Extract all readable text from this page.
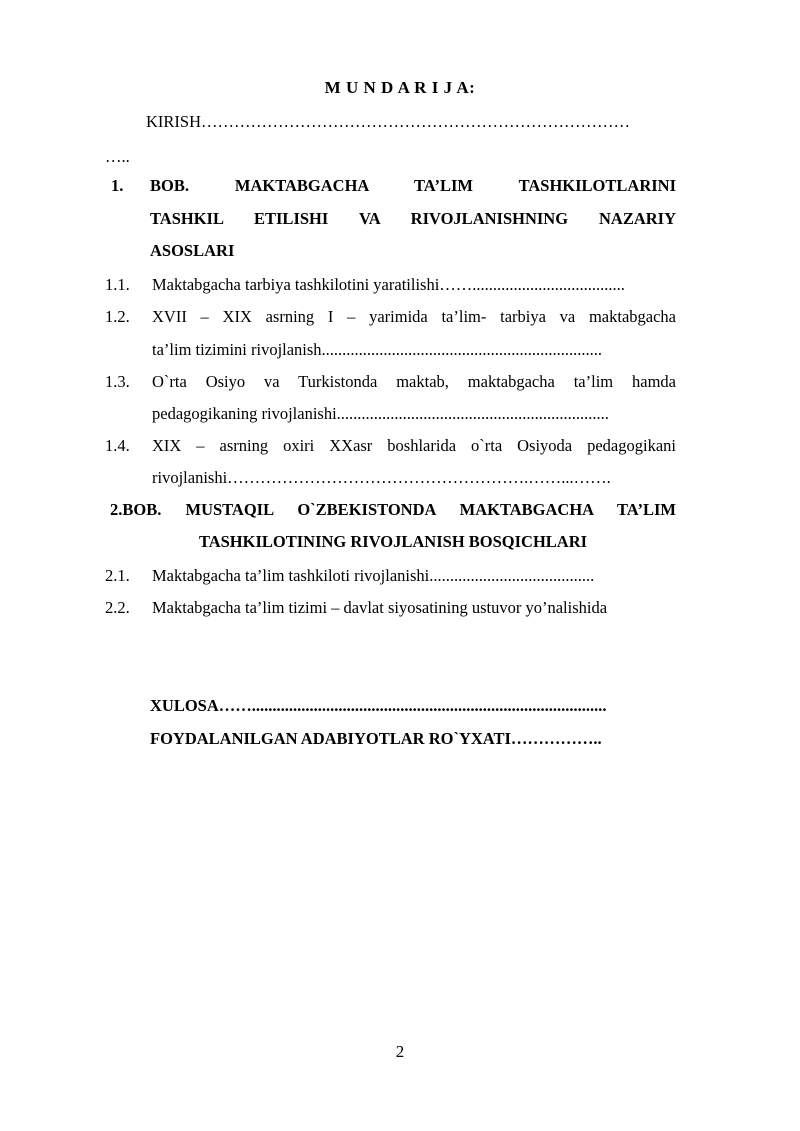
M U N D A R I J A:
KIRISH……………………………………………………………………
…..
1. BOB. MAKTABGACHA TA’LIM TASHKILOTLARINI
TASHKIL ETILISHI VA RIVOJLANISHNING NAZARIY
ASOSLARI
1.1. Maktabgacha tarbiya tashkilotini yaratilishi…….....................................
1.2. XVII – XIX asrning I – yarimida ta’lim- tarbiya va maktabgacha
ta’lim tizimini rivojlanish....................................................................
1.3. O`rta Osiyo va Turkistonda maktab, maktabgacha ta’lim hamda
pedagogikaning rivojlanishi..................................................................
1.4. XIX – asrning oxiri XXasr boshlarida o`rta Osiyoda pedagogikani
rivojlanishi……………………………………………….……...…….
2.BOB. MUSTAQIL O`ZBEKISTONDA MAKTABGACHA TA’LIM
TASHKILOTINING RIVOJLANISH BOSQICHLARI
2.1. Maktabgacha ta’lim tashkiloti rivojlanishi........................................
2.2. Maktabgacha ta’lim tizimi – davlat siyosatining ustuvor yo’nalishida
XULOSA……......................................................................................
FOYDALANILGAN ADABIYOTLAR RO`YXATI……………..
2
